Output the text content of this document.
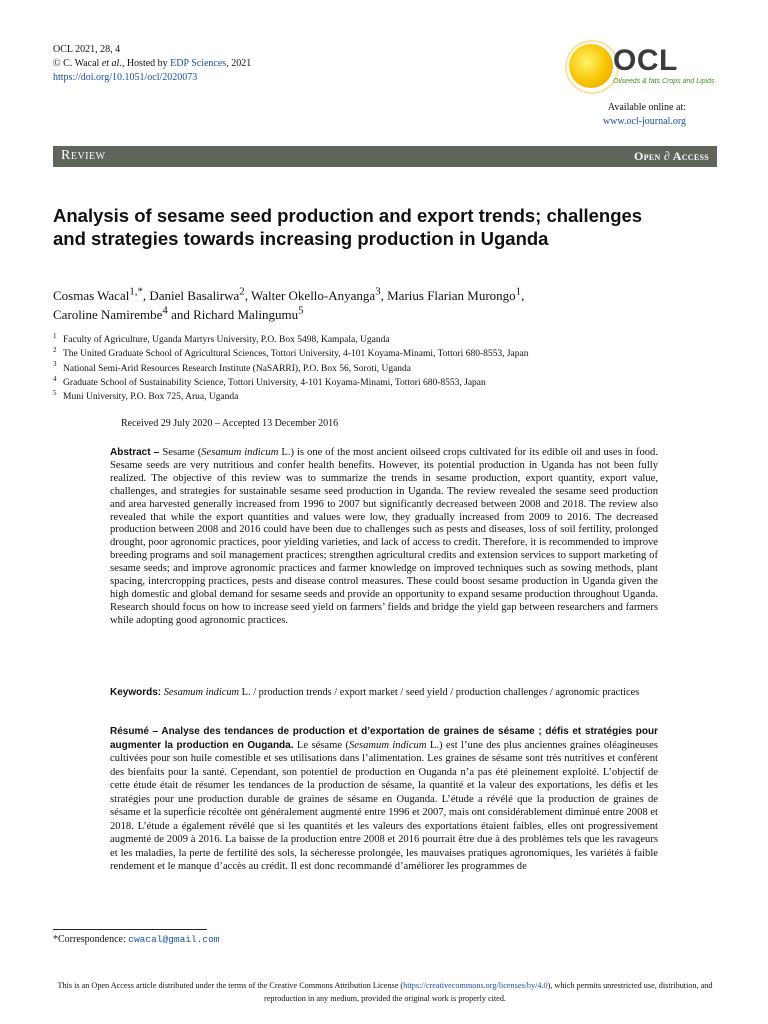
OCL 2021, 28, 4
© C. Wacal et al., Hosted by EDP Sciences, 2021
https://doi.org/10.1051/ocl/2020073
OCL
Oilseeds & fats Crops and Lipids
Available online at:
www.ocl-journal.org
Review	Open ∂ Access
Analysis of sesame seed production and export trends; challenges and strategies towards increasing production in Uganda
Cosmas Wacal$^{1,*}$, Daniel Basalirwa$^2$, Walter Okello-Anyanga$^3$, Marius Flarian Murongo$^1$,
Caroline Namirembe$^4$ and Richard Malingumu$^5$
$^1$ Faculty of Agriculture, Uganda Martyrs University, P.O. Box 5498, Kampala, Uganda
$^2$ The United Graduate School of Agricultural Sciences, Tottori University, 4-101 Koyama-Minami, Tottori 680-8553, Japan
$^3$ National Semi-Arid Resources Research Institute (NaSARRI), P.O. Box 56, Soroti, Uganda
$^4$ Graduate School of Sustainability Science, Tottori University, 4-101 Koyama-Minami, Tottori 680-8553, Japan
$^5$ Muni University, P.O. Box 725, Arua, Uganda
Received 29 July 2020 – Accepted 13 December 2016
Abstract – Sesame (Sesamum indicum L.) is one of the most ancient oilseed crops cultivated for its edible oil and uses in food. Sesame seeds are very nutritious and confer health benefits. However, its potential production in Uganda has not been fully realized. The objective of this review was to summarize the trends in sesame production, export quantity, export value, challenges, and strategies for sustainable sesame seed production in Uganda. The review revealed the sesame seed production and area harvested generally increased from 1996 to 2007 but significantly decreased between 2008 and 2018. The review also revealed that while the export quantities and values were low, they gradually increased from 2009 to 2016. The decreased production between 2008 and 2016 could have been due to challenges such as pests and diseases, loss of soil fertility, prolonged drought, poor agronomic practices, poor yielding varieties, and lack of access to credit. Therefore, it is recommended to improve breeding programs and soil management practices; strengthen agricultural credits and extension services to support marketing of sesame seeds; and improve agronomic practices and farmer knowledge on improved techniques such as sowing methods, plant spacing, intercropping practices, pests and disease control measures. These could boost sesame production in Uganda given the high domestic and global demand for sesame seeds and provide an opportunity to expand sesame production throughout Uganda. Research should focus on how to increase seed yield on farmers’ fields and bridge the yield gap between researchers and farmers while adopting good agronomic practices.
Keywords: Sesamum indicum L. / production trends / export market / seed yield / production challenges / agronomic practices
Résumé – Analyse des tendances de production et d’exportation de graines de sésame ; défis et stratégies pour augmenter la production en Ouganda. Le sésame (Sesamum indicum L.) est l’une des plus anciennes graines oléagineuses cultivées pour son huile comestible et ses utilisations dans l’alimentation. Les graines de sésame sont très nutritives et confèrent des bienfaits pour la santé. Cependant, son potentiel de production en Ouganda n’a pas été pleinement exploité. L’objectif de cette étude était de résumer les tendances de la production de sésame, la quantité et la valeur des exportations, les défis et les stratégies pour une production durable de graines de sésame en Ouganda. L’étude a révélé que la production de graines de sésame et la superficie récoltée ont généralement augmenté entre 1996 et 2007, mais ont considérablement diminué entre 2008 et 2018. L’étude a également révélé que si les quantités et les valeurs des exportations étaient faibles, elles ont progressivement augmenté de 2009 à 2016. La baisse de la production entre 2008 et 2016 pourrait être due à des problèmes tels que les ravageurs et les maladies, la perte de fertilité des sols, la sécheresse prolongée, les mauvaises pratiques agronomiques, les variétés à faible rendement et le manque d’accès au crédit. Il est donc recommandé d’améliorer les programmes de
*Correspondence: cwacal@gmail.com
This is an Open Access article distributed under the terms of the Creative Commons Attribution License (https://creativecommons.org/licenses/by/4.0), which permits unrestricted use, distribution, and reproduction in any medium, provided the original work is properly cited.
